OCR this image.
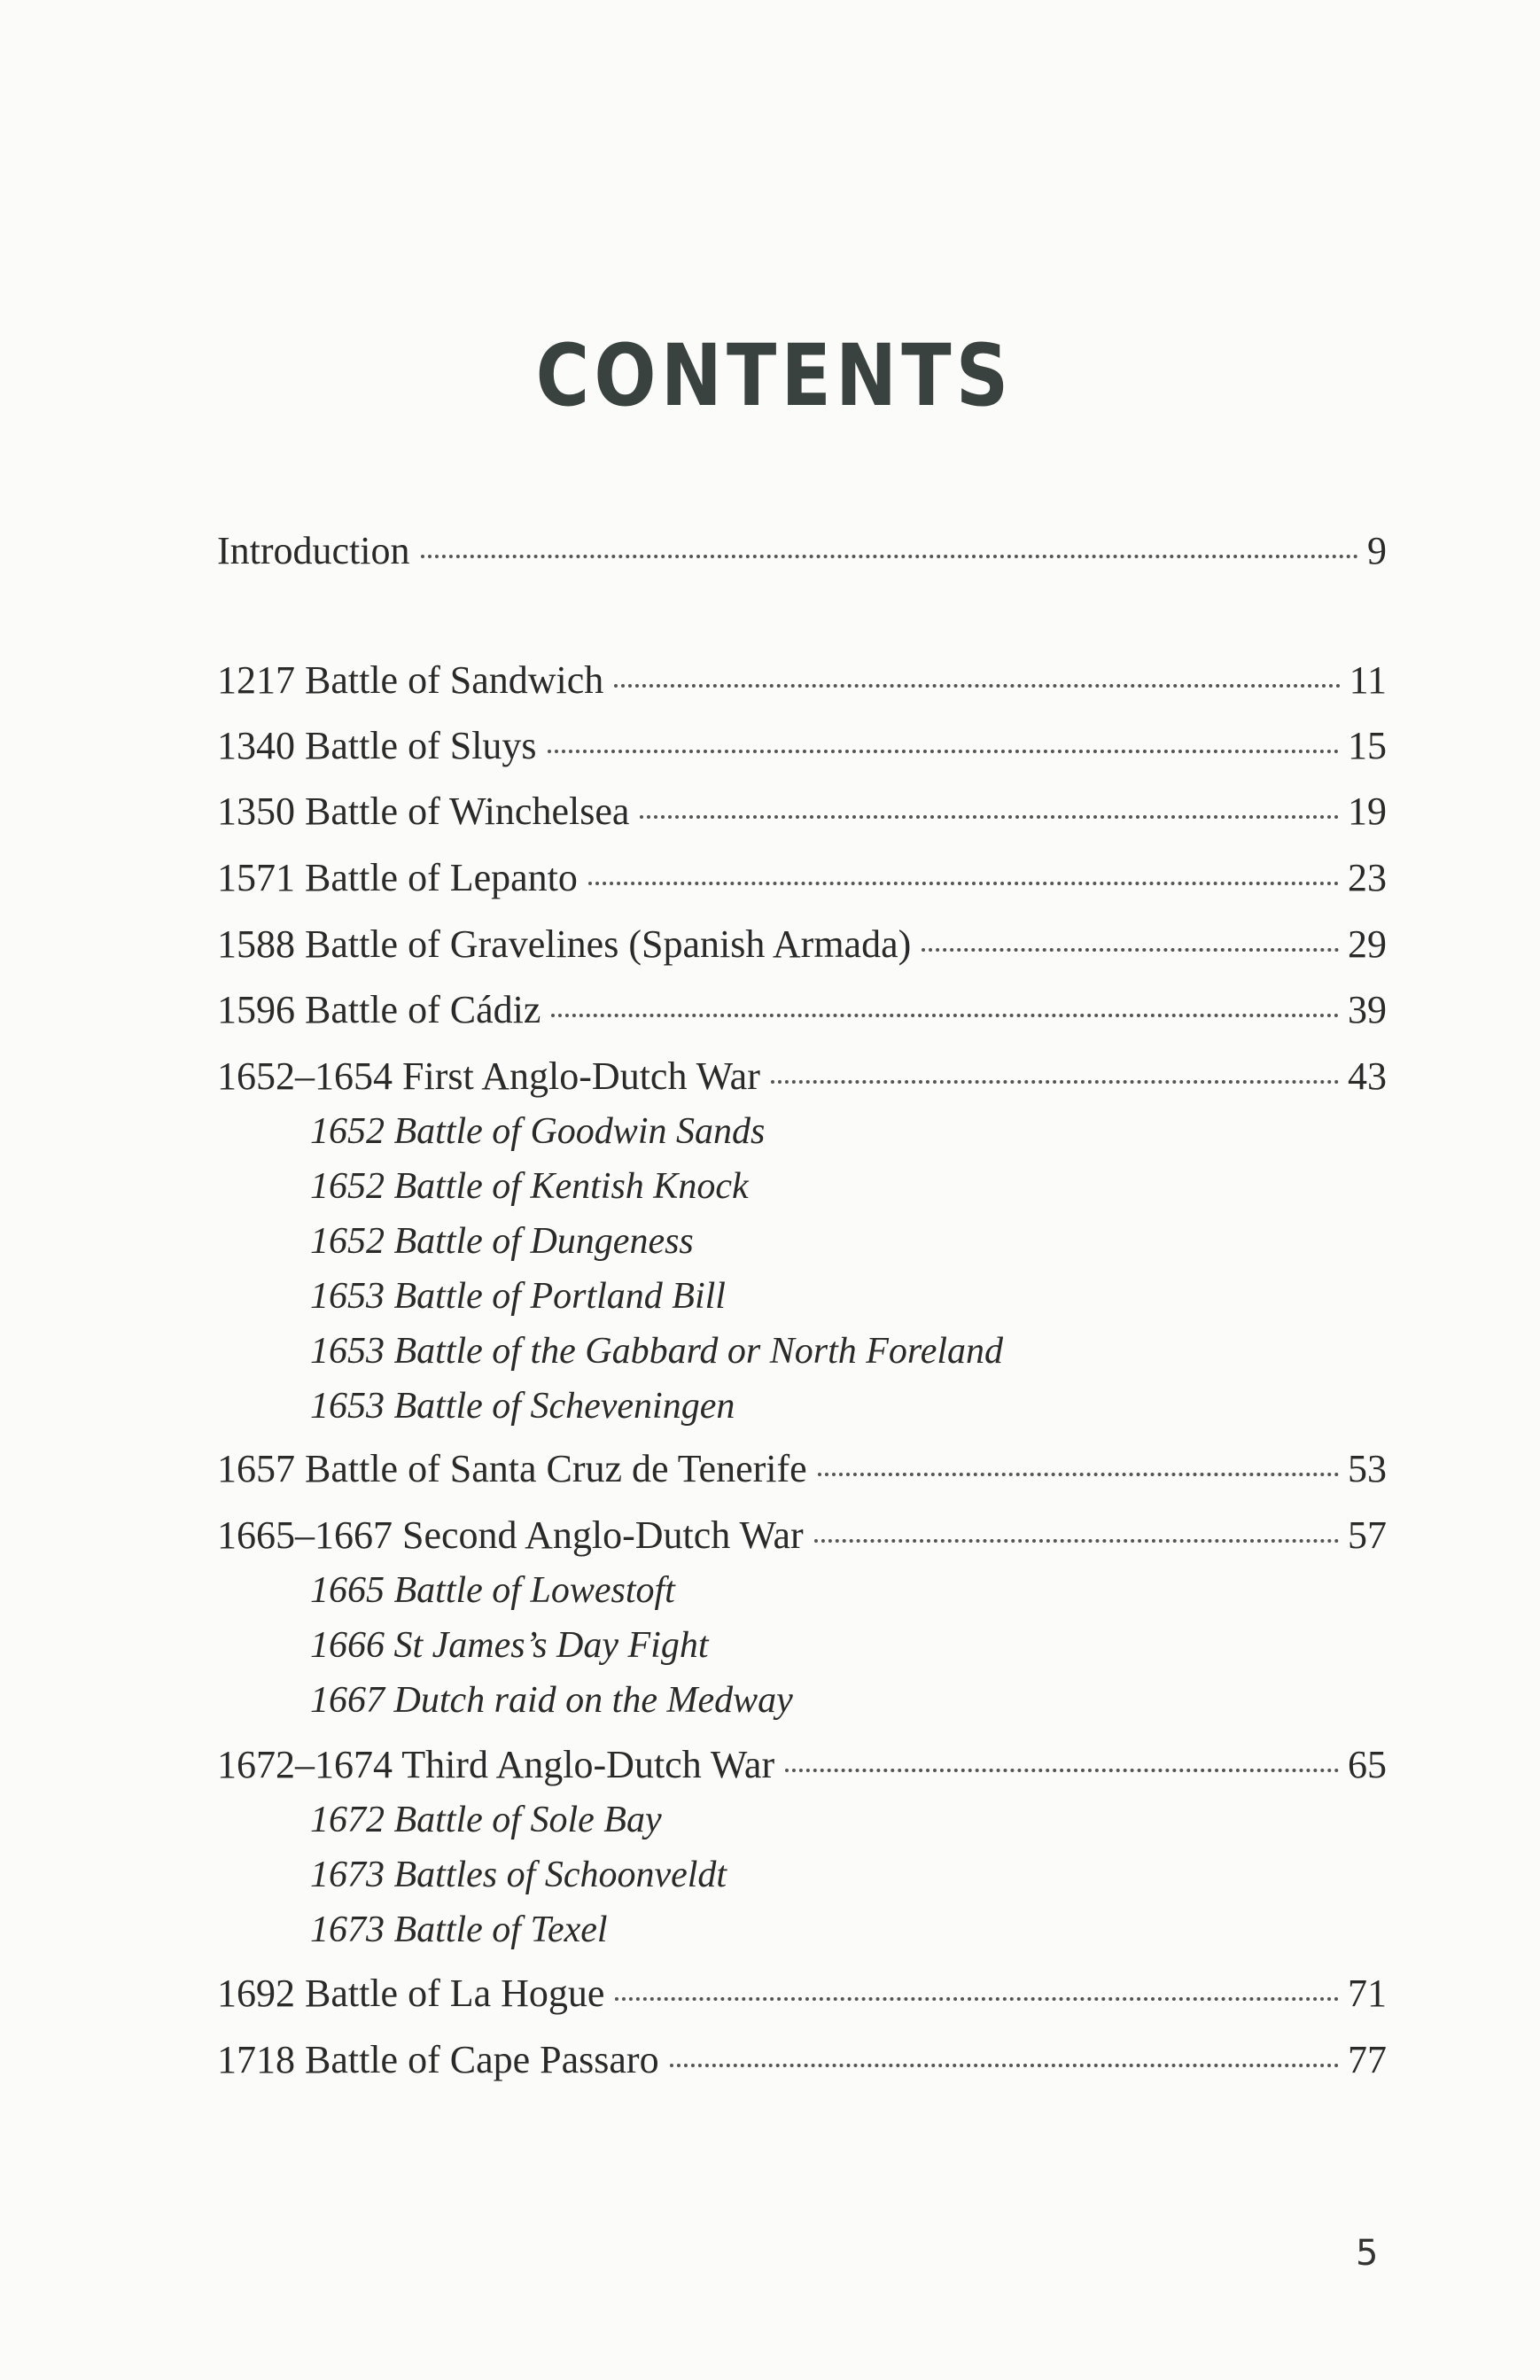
CONTENTS
Introduction	9
1217 Battle of Sandwich	11
1340 Battle of Sluys	15
1350 Battle of Winchelsea	19
1571 Battle of Lepanto	23
1588 Battle of Gravelines (Spanish Armada)	29
1596 Battle of Cádiz	39
1652–1654 First Anglo-Dutch War	43
1652 Battle of Goodwin Sands
1652 Battle of Kentish Knock
1652 Battle of Dungeness
1653 Battle of Portland Bill
1653 Battle of the Gabbard or North Foreland
1653 Battle of Scheveningen
1657 Battle of Santa Cruz de Tenerife	53
1665–1667 Second Anglo-Dutch War	57
1665 Battle of Lowestoft
1666 St James’s Day Fight
1667 Dutch raid on the Medway
1672–1674 Third Anglo-Dutch War	65
1672 Battle of Sole Bay
1673 Battles of Schoonveldt
1673 Battle of Texel
1692 Battle of La Hogue	71
1718 Battle of Cape Passaro	77
5
